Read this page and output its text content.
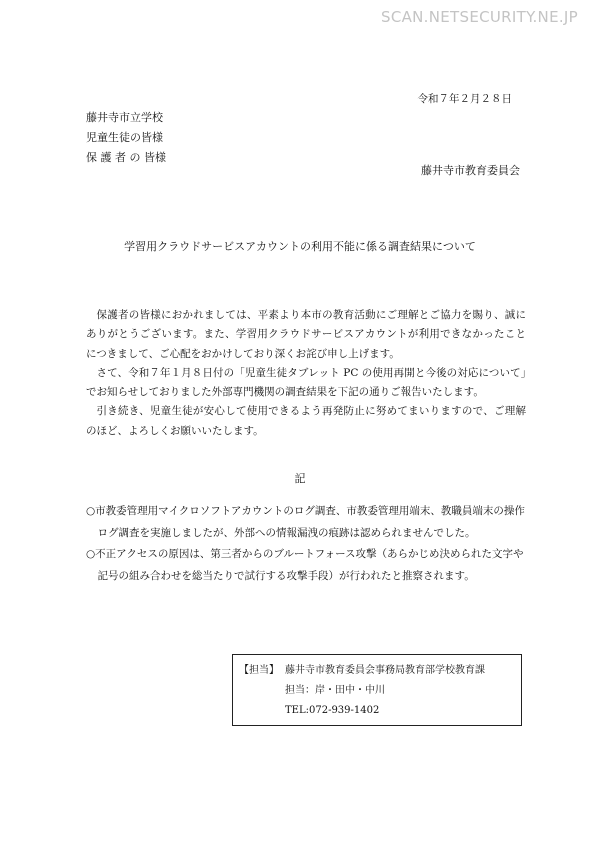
SCAN.NETSECURITY.NE.JP
令和７年２月２８日
藤井寺市立学校
児童生徒の皆様
保 護 者 の 皆様
藤井寺市教育委員会
学習用クラウドサービスアカウントの利用不能に係る調査結果について

保護者の皆様におかれましては、平素より本市の教育活動にご理解とご協力を賜り、誠にありがとうございます。また、学習用クラウドサービスアカウントが利用できなかったことにつきまして、ご心配をおかけしており深くお詫び申し上げます。

さて、令和７年１月８日付の「児童生徒タブレット PC の使用再開と今後の対応について」でお知らせしておりました外部専門機関の調査結果を下記の通りご報告いたします。

引き続き、児童生徒が安心して使用できるよう再発防止に努めてまいりますので、ご理解のほど、よろしくお願いいたします。

記
○市教委管理用マイクロソフトアカウントのログ調査、市教委管理用端末、教職員端末の操作ログ調査を実施しましたが、外部への情報漏洩の痕跡は認められませんでした。
○不正アクセスの原因は、第三者からのブルートフォース攻撃（あらかじめ決められた文字や記号の組み合わせを総当たりで試行する攻撃手段）が行われたと推察されます。
【担当】 藤井寺市教育委員会事務局教育部学校教育課
担当：岸・田中・中川
TEL:072-939-1402
